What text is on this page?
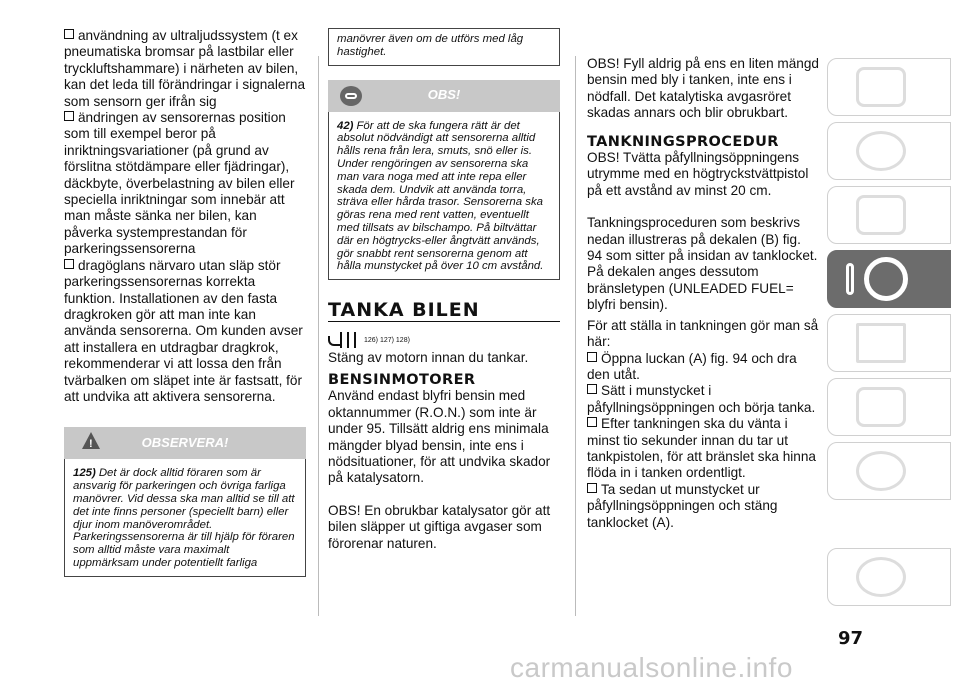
användning av ultraljudssystem (t ex pneumatiska bromsar på lastbilar eller tryckluftshammare) i närheten av bilen, kan det leda till förändringar i signalerna som sensorn ger ifrån sig
ändringen av sensorernas position som till exempel beror på inriktningsvariationer (på grund av förslitna stötdämpare eller fjädringar), däckbyte, överbelastning av bilen eller speciella inriktningar som innebär att man måste sänka ner bilen, kan påverka systemprestandan för parkeringssensorerna
dragöglans närvaro utan släp stör parkeringssensorernas korrekta funktion. Installationen av den fasta dragkroken gör att man inte kan använda sensorerna. Om kunden avser att installera en utdragbar dragkrok, rekommenderar vi att lossa den från tvärbalken om släpet inte är fastsatt, för att undvika att aktivera sensorerna.
!	OBSERVERA!
125) Det är dock alltid föraren som är ansvarig för parkeringen och övriga farliga manövrer. Vid dessa ska man alltid se till att det inte finns personer (speciellt barn) eller djur inom manöverområdet. Parkeringssensorerna är till hjälp för föraren som alltid måste vara maximalt uppmärksam under potentiellt farliga
manövrer även om de utförs med låg hastighet.
OBS!
42) För att de ska fungera rätt är det absolut nödvändigt att sensorerna alltid hålls rena från lera, smuts, snö eller is. Under rengöringen av sensorerna ska man vara noga med att inte repa eller skada dem. Undvik att använda torra, sträva eller hårda trasor. Sensorerna ska göras rena med rent vatten, eventuellt med tillsats av bilschampo. På biltvättar där en högtrycks-eller ångtvätt används, gör snabbt rent sensorerna genom att hålla munstycket på över 10 cm avstånd.
TANKA BILEN
126) 127) 128)
Stäng av motorn innan du tankar.
BENSINMOTORER
Använd endast blyfri bensin med oktannummer (R.O.N.) som inte är under 95. Tillsätt aldrig ens minimala mängder blyad bensin, inte ens i nödsituationer, för att undvika skador på katalysatorn.
OBS! En obrukbar katalysator gör att bilen släpper ut giftiga avgaser som förorenar naturen.
OBS! Fyll aldrig på ens en liten mängd bensin med bly i tanken, inte ens i nödfall. Det katalytiska avgasröret skadas annars och blir obrukbart.
TANKNINGSPROCEDUR
OBS! Tvätta påfyllningsöppningens utrymme med en högtryckstvättpistol på ett avstånd av minst 20 cm.
Tankningsproceduren som beskrivs nedan illustreras på dekalen (B) fig. 94 som sitter på insidan av tanklocket. På dekalen anges dessutom bränsletypen (UNLEADED FUEL= blyfri bensin).
För att ställa in tankningen gör man så här:
Öppna luckan (A) fig. 94 och dra den utåt.
Sätt i munstycket i påfyllningsöppningen och börja tanka.
Efter tankningen ska du vänta i minst tio sekunder innan du tar ut tankpistolen, för att bränslet ska hinna flöda in i tanken ordentligt.
Ta sedan ut munstycket ur påfyllningsöppningen och stäng tanklocket (A).
97
carmanualsonline.info
